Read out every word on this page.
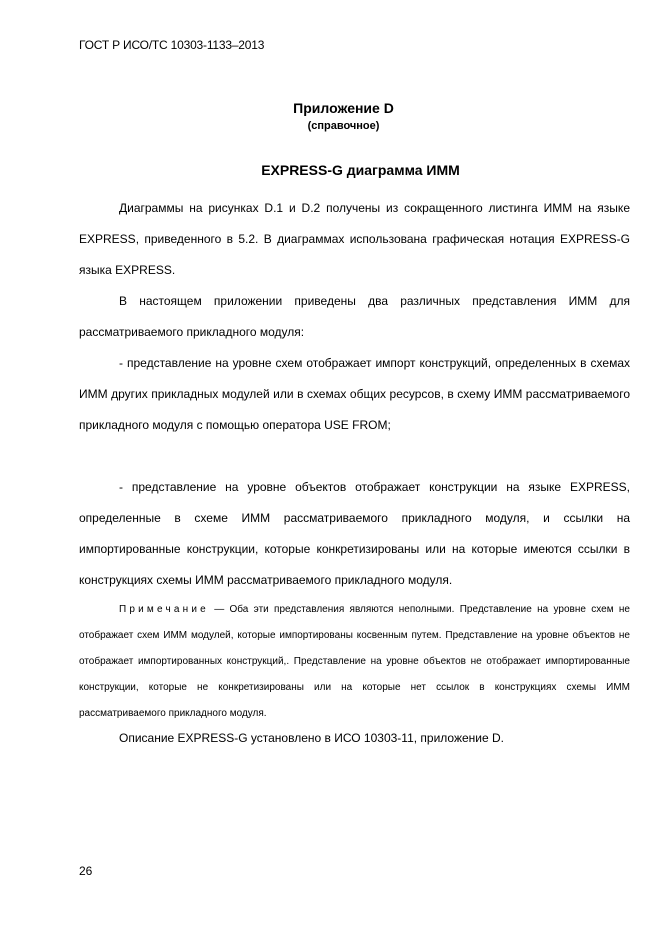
ГОСТ Р ИСО/ТС 10303-1133–2013
Приложение D
(справочное)
EXPRESS-G диаграмма ИММ
Диаграммы на рисунках D.1 и D.2 получены из сокращенного листинга ИММ на языке EXPRESS, приведенного в 5.2. В диаграммах использована графическая нотация EXPRESS-G языка EXPRESS.
В настоящем приложении приведены два различных представления ИММ для рассматриваемого прикладного модуля:
- представление на уровне схем отображает импорт конструкций, определенных в схемах ИММ других прикладных модулей или в схемах общих ресурсов, в схему ИММ рассматриваемого прикладного модуля с помощью оператора USE FROM;
- представление на уровне объектов отображает конструкции на языке EXPRESS, определенные в схеме ИММ рассматриваемого прикладного модуля, и ссылки на импортированные конструкции, которые конкретизированы или на которые имеются ссылки в конструкциях схемы ИММ рассматриваемого прикладного модуля.
Примечание — Оба эти представления являются неполными. Представление на уровне схем не отображает схем ИММ модулей, которые импортированы косвенным путем. Представление на уровне объектов не отображает импортированных конструкций,. Представление на уровне объектов не отображает импортированные конструкции, которые не конкретизированы или на которые нет ссылок в конструкциях схемы ИММ рассматриваемого прикладного модуля.
Описание EXPRESS-G установлено в ИСО 10303-11, приложение D.
26
